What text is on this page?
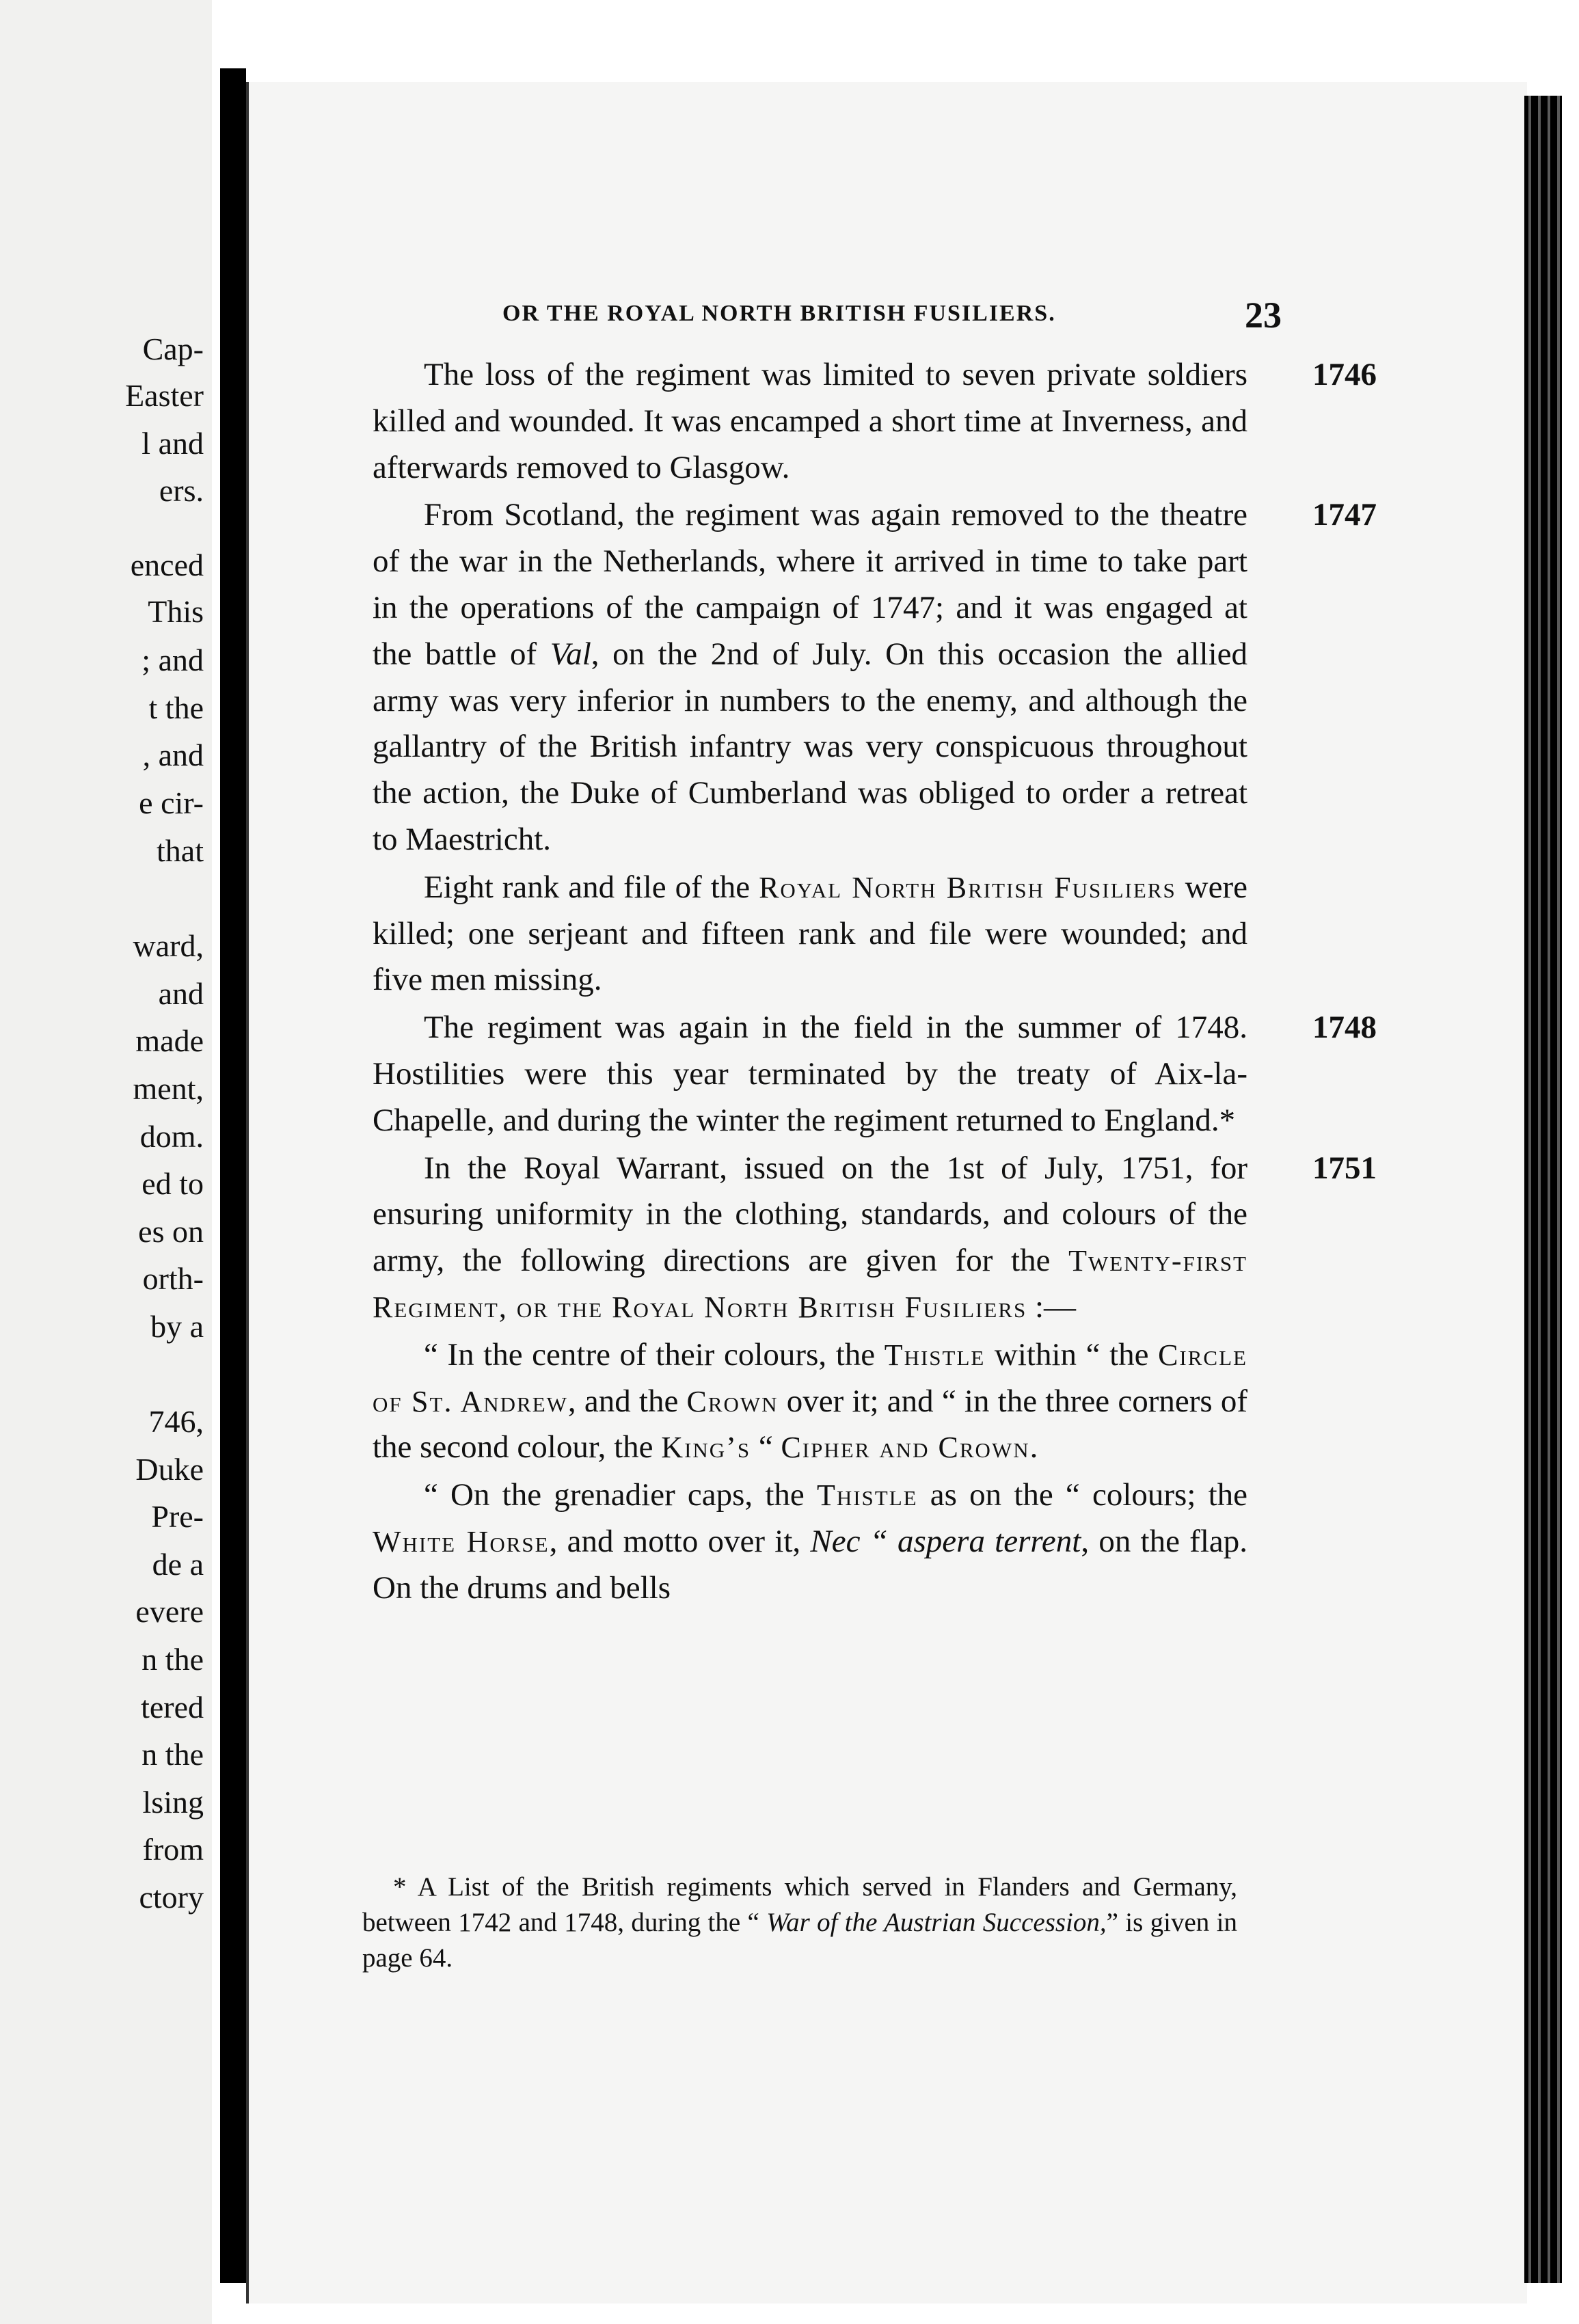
Cap-
Easter
l and
ers.
enced
This
; and
t the
, and
e cir-
that
ward,
and
made
ment,
dom.
ed to
es on
orth-
by a
746,
Duke
Pre-
de a
evere
n the
tered
n the
lsing
from
ctory
OR THE ROYAL NORTH BRITISH FUSILIERS.	23

The loss of the regiment was limited to seven private soldiers killed and wounded. It was encamped a short time at Inverness, and afterwards removed to Glasgow.
1746

From Scotland, the regiment was again removed to the theatre of the war in the Netherlands, where it arrived in time to take part in the operations of the campaign of 1747; and it was engaged at the battle of Val, on the 2nd of July. On this occasion the allied army was very inferior in numbers to the enemy, and although the gallantry of the British infantry was very conspicuous throughout the action, the Duke of Cumberland was obliged to order a retreat to Maestricht.
1747

Eight rank and file of the Royal North British Fusiliers were killed; one serjeant and fifteen rank and file were wounded; and five men missing.

The regiment was again in the field in the summer of 1748. Hostilities were this year terminated by the treaty of Aix-la-Chapelle, and during the winter the regiment returned to England.*
1748

In the Royal Warrant, issued on the 1st of July, 1751, for ensuring uniformity in the clothing, standards, and colours of the army, the following directions are given for the Twenty-first Regiment, or the Royal North British Fusiliers :—
1751

“ In the centre of their colours, the Thistle within “ the Circle of St. Andrew, and the Crown over it; and “ in the three corners of the second colour, the King’s “ Cipher and Crown.

“ On the grenadier caps, the Thistle as on the “ colours; the White Horse, and motto over it, Nec “ aspera terrent, on the flap. On the drums and bells

* A List of the British regiments which served in Flanders and Germany, between 1742 and 1748, during the “ War of the Austrian Succession,” is given in page 64.
